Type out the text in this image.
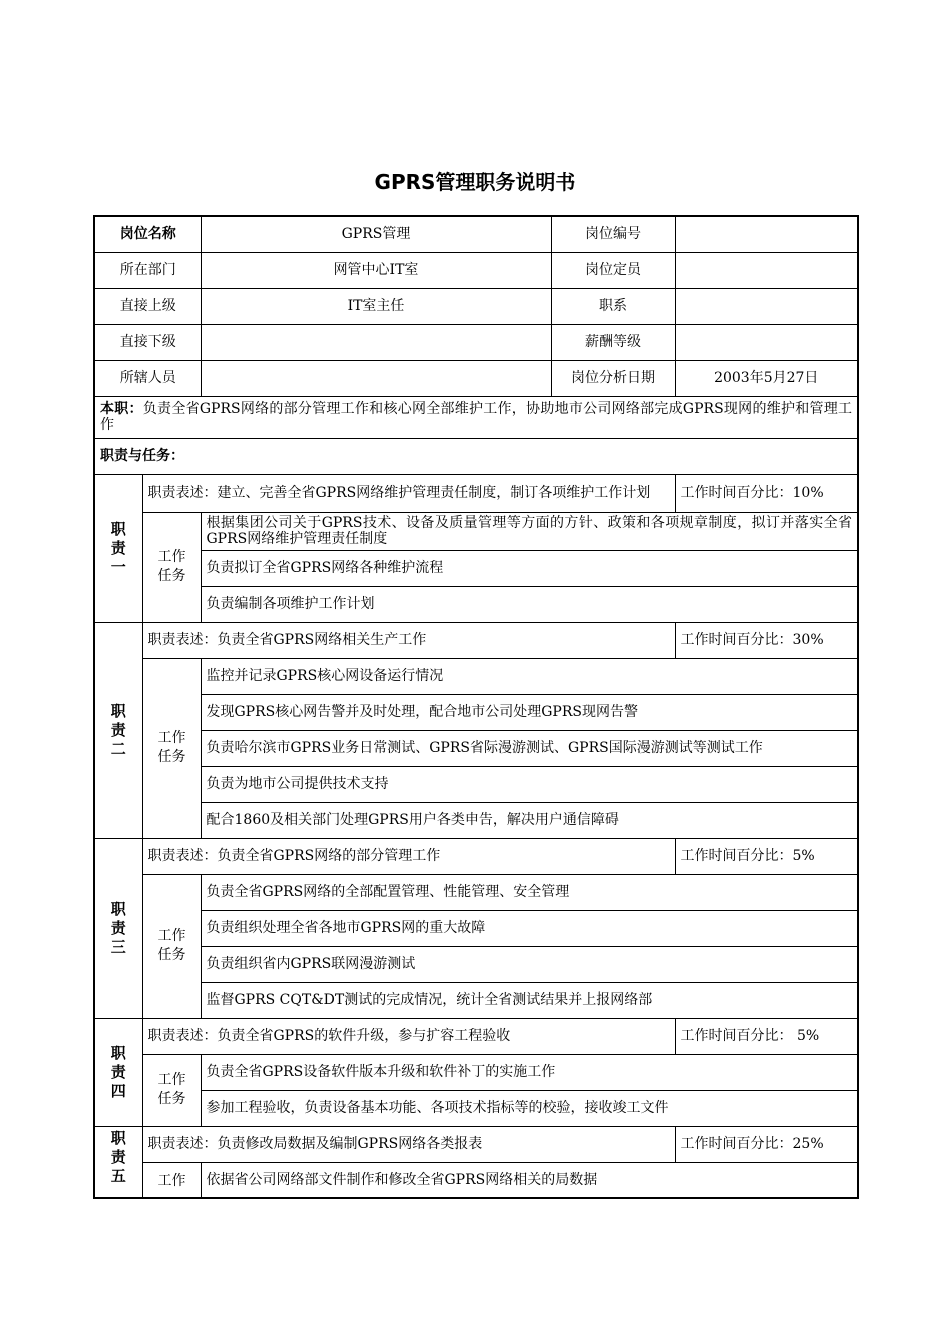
GPRS管理职务说明书
岗位名称		GPRS管理	岗位编号	
所在部门		网管中心IT室	岗位定员	
直接上级		IT室主任	职系	
直接下级			薪酬等级	
所辖人员			岗位分析日期	2003年5月27日
本职：负责全省GPRS网络的部分管理工作和核心网全部维护工作，协助地市公司网络部完成GPRS现网的维护和管理工作				
职责与任务：				
职责一	职责表述：建立、完善全省GPRS网络维护管理责任制度，制订各项维护工作计划			工作时间百分比：10%
	工作任务	根据集团公司关于GPRS技术、设备及质量管理等方面的方针、政策和各项规章制度，拟订并落实全省GPRS网络维护管理责任制度		
		负责拟订全省GPRS网络各种维护流程		
		负责编制各项维护工作计划		
职责二	职责表述：负责全省GPRS网络相关生产工作			工作时间百分比：30%
	工作任务	监控并记录GPRS核心网设备运行情况		
		发现GPRS核心网告警并及时处理，配合地市公司处理GPRS现网告警		
		负责哈尔滨市GPRS业务日常测试、GPRS省际漫游测试、GPRS国际漫游测试等测试工作		
		负责为地市公司提供技术支持		
		配合1860及相关部门处理GPRS用户各类申告，解决用户通信障碍		
职责三	职责表述：负责全省GPRS网络的部分管理工作			工作时间百分比：5%
	工作任务	负责全省GPRS网络的全部配置管理、性能管理、安全管理		
		负责组织处理全省各地市GPRS网的重大故障		
		负责组织省内GPRS联网漫游测试		
		监督GPRS CQT&DT测试的完成情况，统计全省测试结果并上报网络部		
职责四	职责表述：负责全省GPRS的软件升级，参与扩容工程验收			工作时间百分比： 5%
	工作任务	负责全省GPRS设备软件版本升级和软件补丁的实施工作		
		参加工程验收，负责设备基本功能、各项技术指标等的校验，接收竣工文件		
职责五	职责表述：负责修改局数据及编制GPRS网络各类报表			工作时间百分比：25%
	工作	依据省公司网络部文件制作和修改全省GPRS网络相关的局数据		
